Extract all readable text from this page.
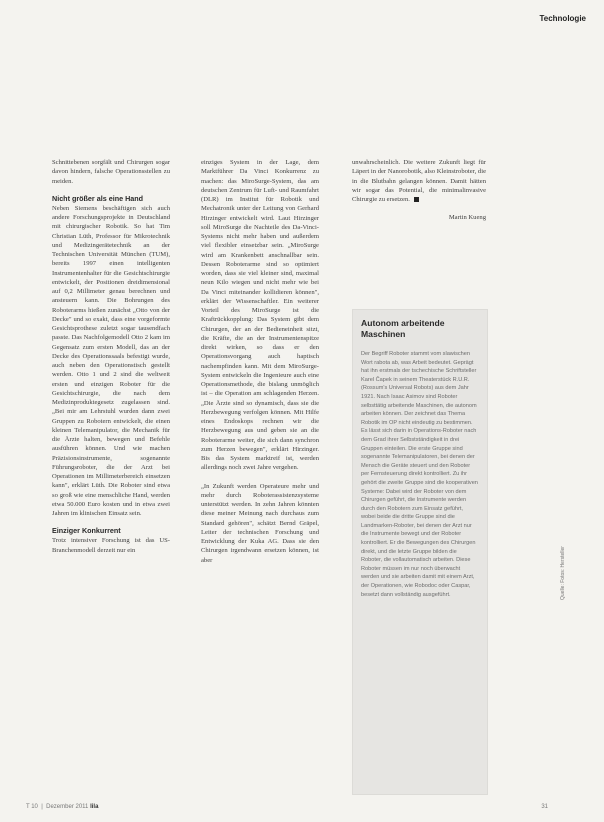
Technologie

Schnittebenen sorgfält und Chirurgen sogar davon hindern, falsche Operationsstellen zu meiden.

Nicht größer als eine Hand

Neben Siemens beschäftigen sich auch andere Forschungsprojekte in Deutschland mit chirurgischer Robotik. So hat Tim Christian Lüth, Professor für Mikrotechnik und Medizingerätetechnik an der Technischen Universität München (TUM), bereits 1997 einen intelligenten Instrumentenhalter für die Gesichtschirurgie entwickelt, der Positionen dreidimensional auf 0,2 Millimeter genau berechnen und ansteuern kann. Die Bohrungen des Roboterarms hießen zunächst „Otto von der Decke" und so exakt, dass eine vorgeformte Gesichtsprothese zuletzt sogar tausendfach passte. Das Nachfolgemodell Otto 2 kam im Gegensatz zum ersten Modell, das an der Decke des Operationssaals befestigt wurde, auch neben den Operationstisch gestellt werden. Otto 1 und 2 sind die weltweit ersten und einzigen Roboter für die Gesichtschirurgie, die nach dem Medizinproduktegesetz zugelassen sind. „Bei mir am Lehrstuhl wurden dann zwei Gruppen zu Robotern entwickelt, die einen kleinen Telemanipulator, die Mechanik für die Ärzte halten, bewegen und Befehle ausführen können. Und wie machen Präzisionsinstrumente, sogenannte Führungsroboter, die der Arzt bei Operationen im Millimeterbereich einsetzen kann", erklärt Lüth. Die Roboter sind etwa so groß wie eine menschliche Hand, werden etwa 50.000 Euro kosten und in etwa zwei Jahren im klinischen Einsatz sein.

Einziger Konkurrent

Trotz intensiver Forschung ist das US-Branchenmodell derzeit nur ein

einziges System in der Lage, dem Marktführer Da Vinci Konkurrenz zu machen: das MiroSurge-System, das am deutschen Zentrum für Luft- und Raumfahrt (DLR) im Institut für Robotik und Mechatronik unter der Leitung von Gerhard Hirzinger entwickelt wird. Laut Hirzinger soll MiroSurge die Nachteile des Da-Vinci-Systems nicht mehr haben und außerdem viel flexibler einsetzbar sein. „MiroSurge wird am Krankenbett anschnallbar sein. Dessen Roboterarme sind so optimiert worden, dass sie viel kleiner sind, maximal neun Kilo wiegen und nicht mehr wie bei Da Vinci miteinander kollidieren können", erklärt der Wissenschaftler. Ein weiterer Vorteil des MiroSurge ist die Kraftrückkopplung: Das System gibt dem Chirurgen, der an der Bedieneinheit sitzt, die Kräfte, die an der Instrumentenspitze direkt wirken, so dass er den Operationsvorgang auch haptisch nachempfinden kann. Mit dem MiroSurge-System entwickeln die Ingenieure auch eine Operationsmethode, die bislang unmöglich ist – die Operation am schlagenden Herzen. „Die Ärzte sind so dynamisch, dass sie die Herzbewegung verfolgen können. Mit Hilfe eines Endoskops rechnen wir die Herzbewegung aus und geben sie an die Roboterarme weiter, die sich dann synchron zum Herzen bewegen", erklärt Hirzinger. Bis das System marktreif ist, werden allerdings noch zwei Jahre vergehen.

„In Zukunft werden Operateure mehr und mehr durch Roboterassistenzsysteme unterstützt werden. In zehn Jahren könnten diese meiner Meinung nach durchaus zum Standard gehören", schätzt Bernd Gräpel, Leiter der technischen Forschung und Entwicklung der Kuka AG. Dass sie den Chirurgen irgendwann ersetzen können, ist aber

unwahrscheinlich. Die weitere Zukunft liegt für Läpert in der Nanorobotik, also Kleinstroboter, die in die Blutbahn gelangen können. Damit hätten wir sogar das Potential, die minimalinvasive Chirurgie zu ersetzen.

Martin Kueng

Autonom arbeitende Maschinen

Der Begriff Roboter stammt vom slawischen Wort rabota ab, was Arbeit bedeutet. Geprägt hat ihn erstmals der tschechische Schriftsteller Karel Čapek in seinem Theaterstück R.U.R. (Rossum's Universal Robots) aus dem Jahr 1921. Nach Isaac Asimov sind Roboter selbsttätig arbeitende Maschinen, die autonom arbeiten können. Der zeichnet das Thema Robotik im OP nicht eindeutig zu bestimmen. Es lässt sich darin in Operations-Roboter nach dem Grad ihrer Selbstständigkeit in drei Gruppen einteilen. Die erste Gruppe sind sogenannte Telemanipulatoren, bei denen der Mensch die Geräte steuert und den Roboter per Fernsteuerung direkt kontrolliert. Zu ihr gehört die zweite Gruppe sind die kooperativen Systeme: Dabei wird der Roboter von dem Chirurgen geführt, die Instrumente werden durch den Robotern zum Einsatz geführt, wobei beide die dritte Gruppe sind die Landmarken-Roboter, bei denen der Arzt nur die Instrumente bewegt und der Roboter kontrolliert. Er die Bewegungen des Chirurgen direkt, und die letzte Gruppe bilden die Roboter, die vollautomatisch arbeiten. Diese Roboter müssen im nur noch überwacht werden und sie arbeiten damit mit einem Arzt, der Operationen, wie Robodoc oder Caspar, besetzt dann vollständig ausgeführt.	Quelle: Fotos: Hersteller
T 10  |  Dezember 2011 lila	31
